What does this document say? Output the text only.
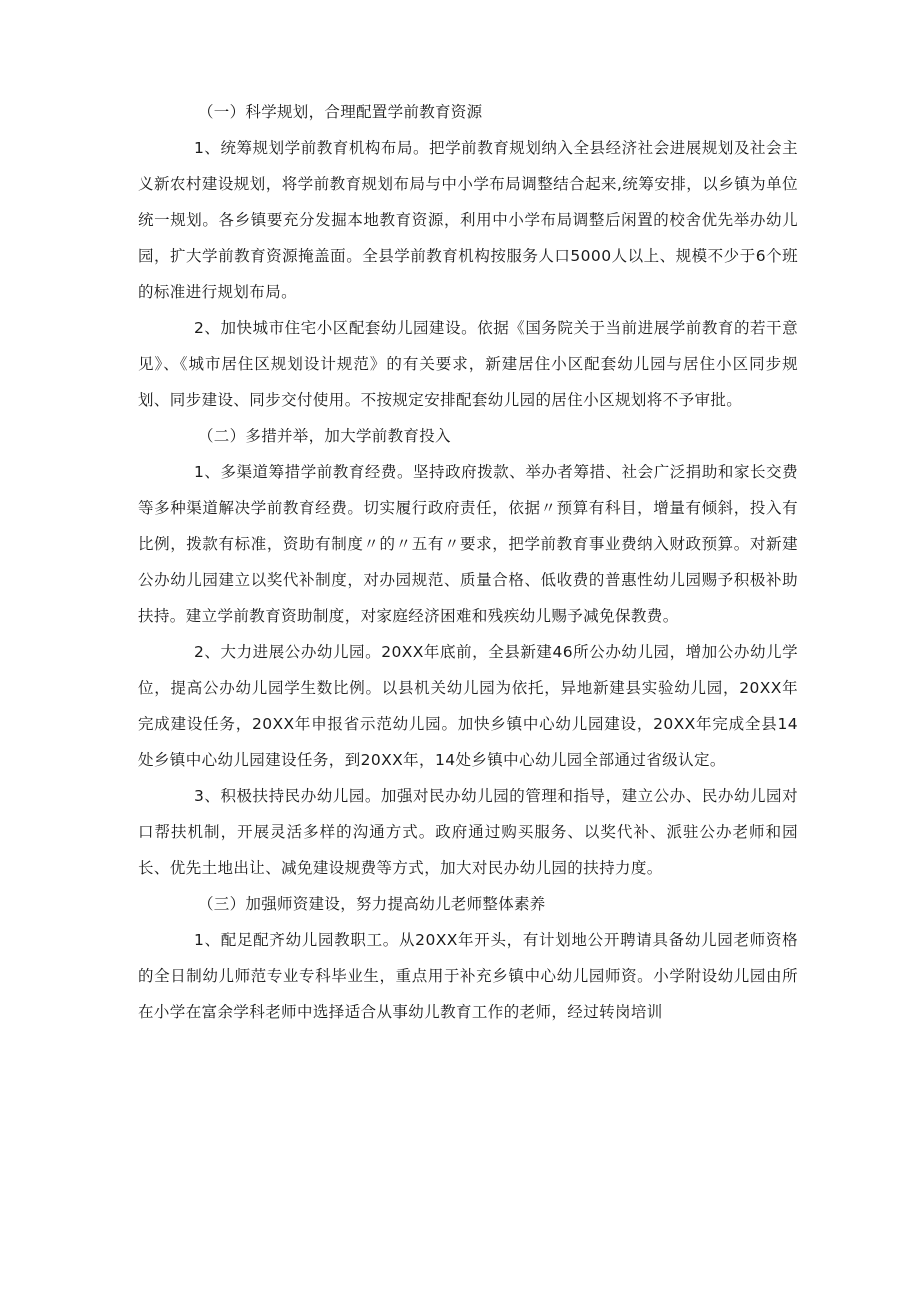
（一）科学规划，合理配置学前教育资源

1、统筹规划学前教育机构布局。把学前教育规划纳入全县经济社会进展规划及社会主义新农村建设规划，将学前教育规划布局与中小学布局调整结合起来,统筹安排，以乡镇为单位统一规划。各乡镇要充分发掘本地教育资源，利用中小学布局调整后闲置的校舍优先举办幼儿园，扩大学前教育资源掩盖面。全县学前教育机构按服务人口5000人以上、规模不少于6个班的标准进行规划布局。

2、加快城市住宅小区配套幼儿园建设。依据《国务院关于当前进展学前教育的若干意见》、《城市居住区规划设计规范》的有关要求，新建居住小区配套幼儿园与居住小区同步规划、同步建设、同步交付使用。不按规定安排配套幼儿园的居住小区规划将不予审批。

（二）多措并举，加大学前教育投入

1、多渠道筹措学前教育经费。坚持政府拨款、举办者筹措、社会广泛捐助和家长交费等多种渠道解决学前教育经费。切实履行政府责任，依据〃预算有科目，增量有倾斜，投入有比例，拨款有标准，资助有制度〃的〃五有〃要求，把学前教育事业费纳入财政预算。对新建公办幼儿园建立以奖代补制度，对办园规范、质量合格、低收费的普惠性幼儿园赐予积极补助扶持。建立学前教育资助制度，对家庭经济困难和残疾幼儿赐予减免保教费。

2、大力进展公办幼儿园。20XX年底前，全县新建46所公办幼儿园，增加公办幼儿学位，提高公办幼儿园学生数比例。以县机关幼儿园为依托，异地新建县实验幼儿园，20XX年完成建设任务，20XX年申报省示范幼儿园。加快乡镇中心幼儿园建设，20XX年完成全县14处乡镇中心幼儿园建设任务，到20XX年，14处乡镇中心幼儿园全部通过省级认定。

3、积极扶持民办幼儿园。加强对民办幼儿园的管理和指导，建立公办、民办幼儿园对口帮扶机制，开展灵活多样的沟通方式。政府通过购买服务、以奖代补、派驻公办老师和园长、优先土地出让、减免建设规费等方式，加大对民办幼儿园的扶持力度。

（三）加强师资建设，努力提高幼儿老师整体素养

1、配足配齐幼儿园教职工。从20XX年开头，有计划地公开聘请具备幼儿园老师资格的全日制幼儿师范专业专科毕业生，重点用于补充乡镇中心幼儿园师资。小学附设幼儿园由所在小学在富余学科老师中选择适合从事幼儿教育工作的老师，经过转岗培训
